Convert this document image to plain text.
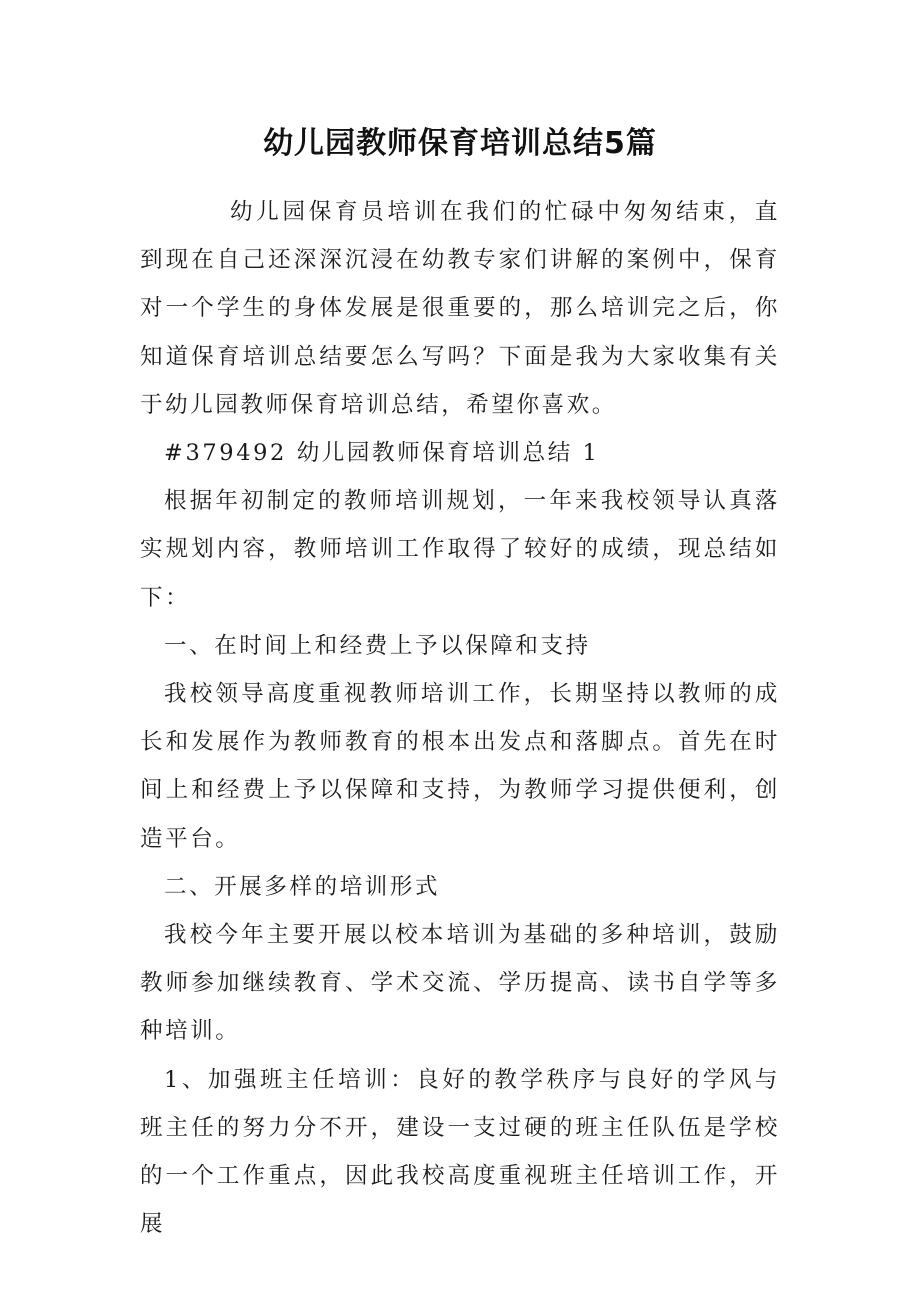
幼儿园教师保育培训总结5篇

幼儿园保育员培训在我们的忙碌中匆匆结束，直到现在自己还深深沉浸在幼教专家们讲解的案例中，保育对一个学生的身体发展是很重要的，那么培训完之后，你知道保育培训总结要怎么写吗？下面是我为大家收集有关于幼儿园教师保育培训总结，希望你喜欢。

#379492 幼儿园教师保育培训总结 1

根据年初制定的教师培训规划，一年来我校领导认真落实规划内容，教师培训工作取得了较好的成绩，现总结如下：

一、在时间上和经费上予以保障和支持

我校领导高度重视教师培训工作，长期坚持以教师的成长和发展作为教师教育的根本出发点和落脚点。首先在时间上和经费上予以保障和支持，为教师学习提供便利，创造平台。

二、开展多样的培训形式

我校今年主要开展以校本培训为基础的多种培训，鼓励教师参加继续教育、学术交流、学历提高、读书自学等多种培训。

1、加强班主任培训：良好的教学秩序与良好的学风与班主任的努力分不开，建设一支过硬的班主任队伍是学校的一个工作重点，因此我校高度重视班主任培训工作，开展
